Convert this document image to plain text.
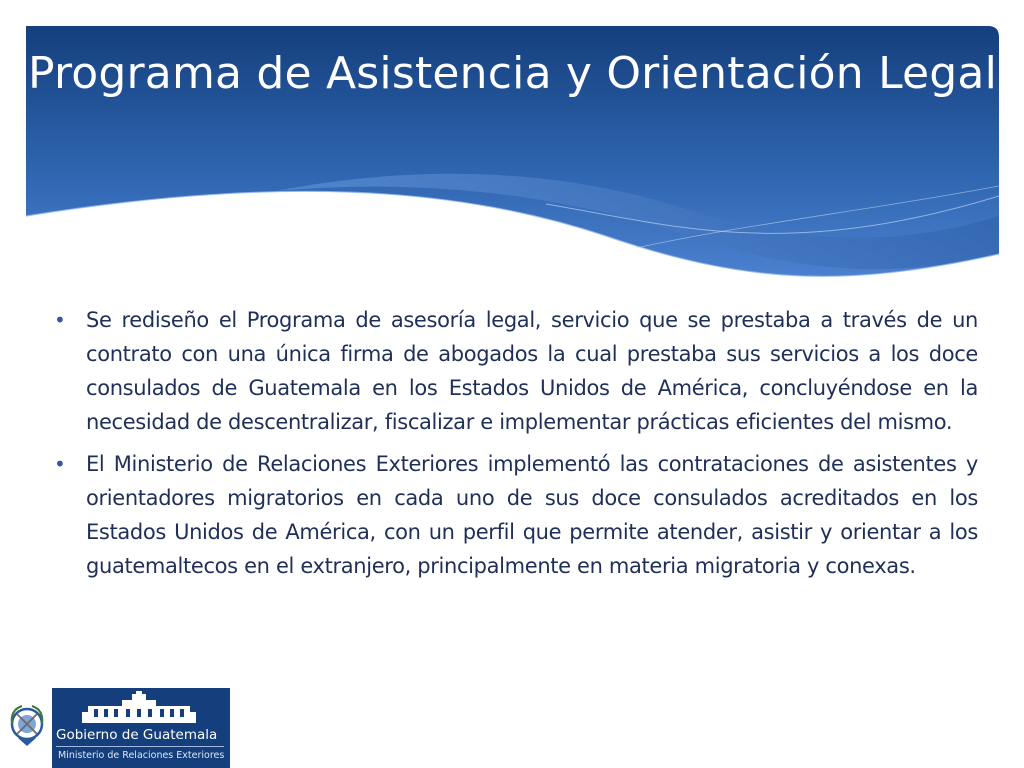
Programa de Asistencia y Orientación Legal
• Se rediseño el Programa de asesoría legal, servicio que se prestaba a través de un contrato con una única firma de abogados la cual prestaba sus servicios a los doce consulados de Guatemala en los Estados Unidos de América, concluyéndose en la necesidad de descentralizar, fiscalizar e implementar prácticas eficientes del mismo.
• El Ministerio de Relaciones Exteriores implementó las contrataciones de asistentes y orientadores migratorios en cada uno de sus doce consulados acreditados en los Estados Unidos de América, con un perfil que permite atender, asistir y orientar a los guatemaltecos en el extranjero, principalmente en materia migratoria y conexas.
Gobierno de Guatemala
Ministerio de Relaciones Exteriores
